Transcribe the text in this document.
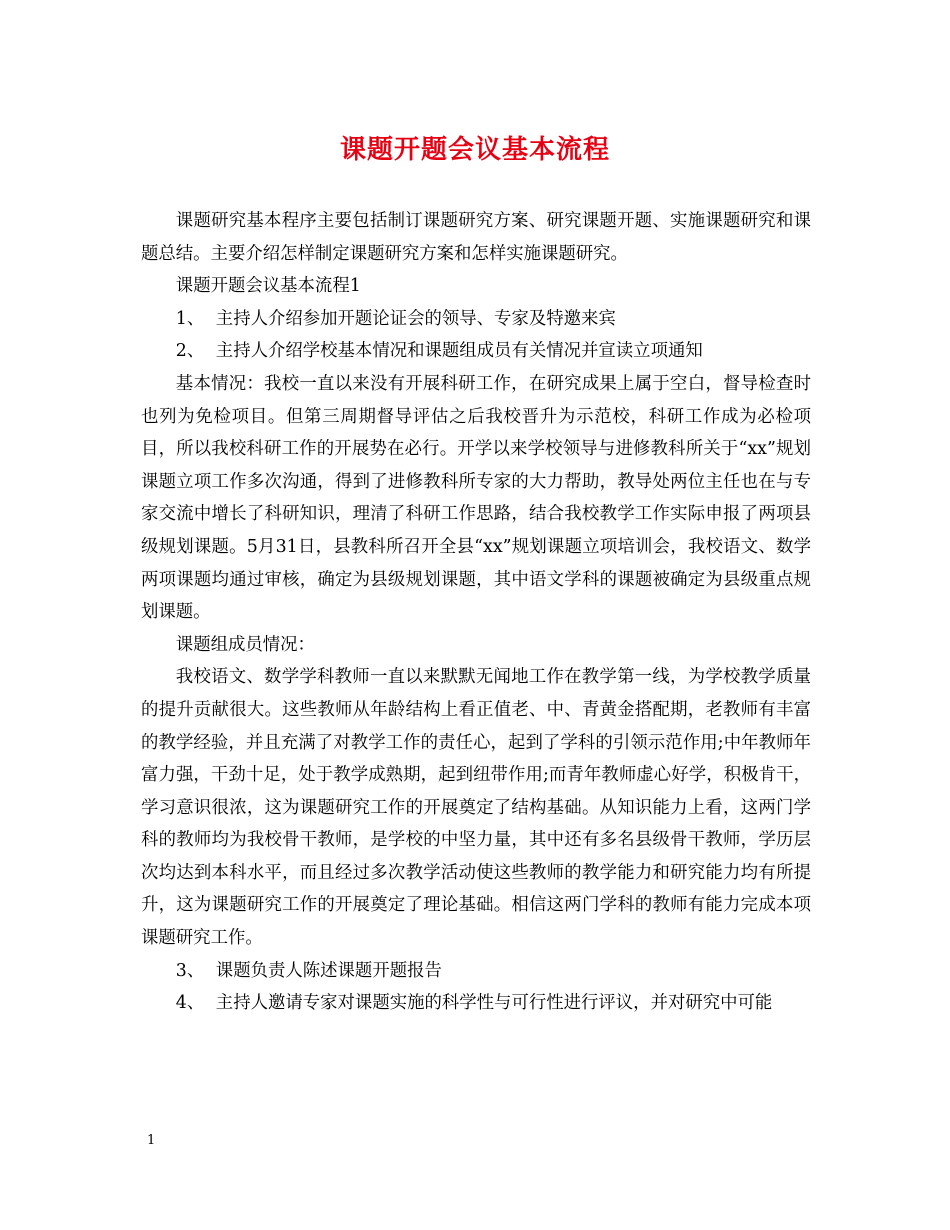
课题开题会议基本流程

课题研究基本程序主要包括制订课题研究方案、研究课题开题、实施课题研究和课题总结。主要介绍怎样制定课题研究方案和怎样实施课题研究。

课题开题会议基本流程1

1、 主持人介绍参加开题论证会的领导、专家及特邀来宾

2、 主持人介绍学校基本情况和课题组成员有关情况并宣读立项通知

基本情况：我校一直以来没有开展科研工作，在研究成果上属于空白，督导检查时也列为免检项目。但第三周期督导评估之后我校晋升为示范校，科研工作成为必检项目，所以我校科研工作的开展势在必行。开学以来学校领导与进修教科所关于“xx”规划课题立项工作多次沟通，得到了进修教科所专家的大力帮助，教导处两位主任也在与专家交流中增长了科研知识，理清了科研工作思路，结合我校教学工作实际申报了两项县级规划课题。5月31日，县教科所召开全县“xx”规划课题立项培训会，我校语文、数学两项课题均通过审核，确定为县级规划课题，其中语文学科的课题被确定为县级重点规划课题。

课题组成员情况：

我校语文、数学学科教师一直以来默默无闻地工作在教学第一线，为学校教学质量的提升贡献很大。这些教师从年龄结构上看正值老、中、青黄金搭配期，老教师有丰富的教学经验，并且充满了对教学工作的责任心，起到了学科的引领示范作用;中年教师年富力强，干劲十足，处于教学成熟期，起到纽带作用;而青年教师虚心好学，积极肯干，学习意识很浓，这为课题研究工作的开展奠定了结构基础。从知识能力上看，这两门学科的教师均为我校骨干教师，是学校的中坚力量，其中还有多名县级骨干教师，学历层次均达到本科水平，而且经过多次教学活动使这些教师的教学能力和研究能力均有所提升，这为课题研究工作的开展奠定了理论基础。相信这两门学科的教师有能力完成本项课题研究工作。

3、 课题负责人陈述课题开题报告

4、 主持人邀请专家对课题实施的科学性与可行性进行评议，并对研究中可能

1
